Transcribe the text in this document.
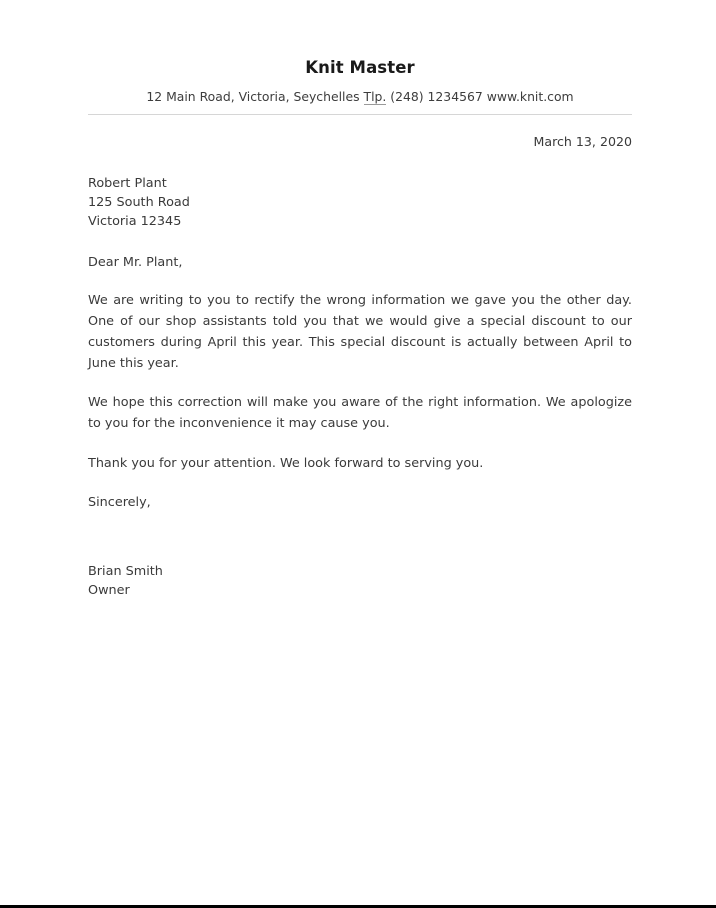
Knit Master
12 Main Road, Victoria, Seychelles Tlp. (248) 1234567 www.knit.com
March 13, 2020
Robert Plant
125 South Road
Victoria 12345
Dear Mr. Plant,
We are writing to you to rectify the wrong information we gave you the other day. One of our shop assistants told you that we would give a special discount to our customers during April this year. This special discount is actually between April to June this year.
We hope this correction will make you aware of the right information. We apologize to you for the inconvenience it may cause you.
Thank you for your attention. We look forward to serving you.
Sincerely,
Brian Smith
Owner
